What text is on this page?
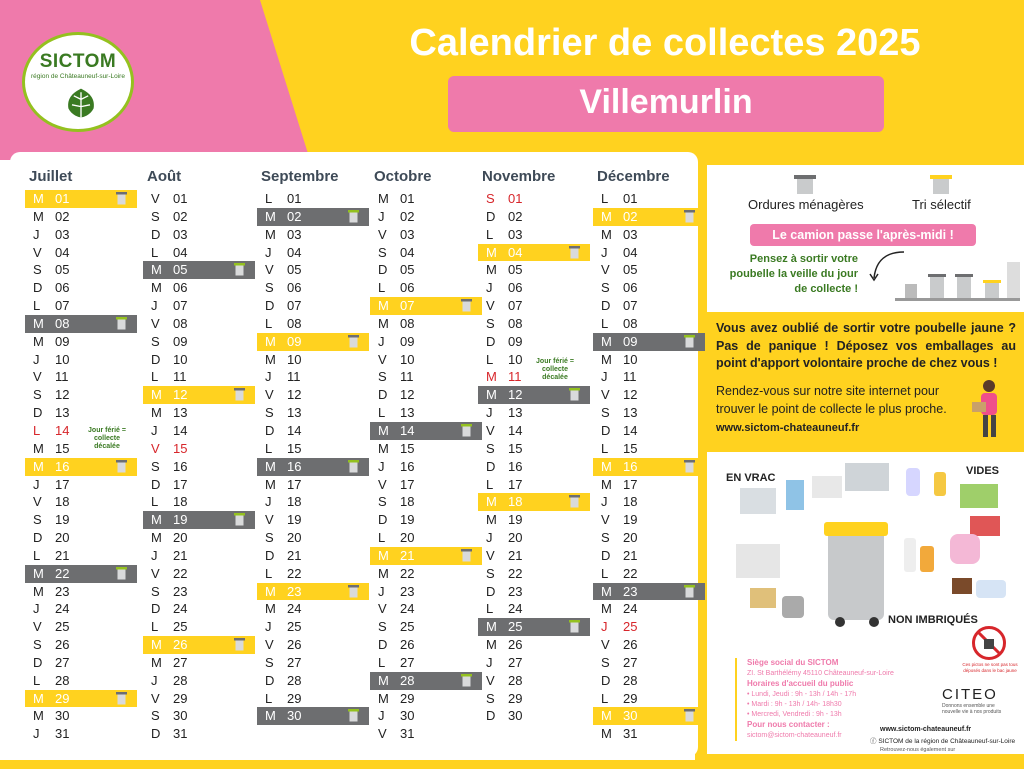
SICTOM
région de Châteauneuf-sur-Loire
Calendrier de collectes 2025
Villemurlin
Juillet
M 01
M 02
J 03
V 04
S 05
D 06
L 07
M 08
M 09
J 10
V 11
S 12
D 13
L 14
M 15
M 16
J 17
V 18
S 19
D 20
L 21
M 22
M 23
J 24
V 25
S 26
D 27
L 28
M 29
M 30
J 31
Août
V 01
S 02
D 03
L 04
M 05
M 06
J 07
V 08
S 09
D 10
L 11
M 12
M 13
J 14
V 15
S 16
D 17
L 18
M 19
M 20
J 21
V 22
S 23
D 24
L 25
M 26
M 27
J 28
V 29
S 30
D 31
Septembre
L 01
M 02
M 03
J 04
V 05
S 06
D 07
L 08
M 09
M 10
J 11
V 12
S 13
D 14
L 15
M 16
M 17
J 18
V 19
S 20
D 21
L 22
M 23
M 24
J 25
V 26
S 27
D 28
L 29
M 30
Octobre
M 01
J 02
V 03
S 04
D 05
L 06
M 07
M 08
J 09
V 10
S 11
D 12
L 13
M 14
M 15
J 16
V 17
S 18
D 19
L 20
M 21
M 22
J 23
V 24
S 25
D 26
L 27
M 28
M 29
J 30
V 31
Novembre
S 01
D 02
L 03
M 04
M 05
J 06
V 07
S 08
D 09
L 10
M 11
M 12
J 13
V 14
S 15
D 16
L 17
M 18
M 19
J 20
V 21
S 22
D 23
L 24
M 25
M 26
J 27
V 28
S 29
D 30
Décembre
L 01
M 02
M 03
J 04
V 05
S 06
D 07
L 08
M 09
M 10
J 11
V 12
S 13
D 14
L 15
M 16
M 17
J 18
V 19
S 20
D 21
L 22
M 23
M 24
J 25
V 26
S 27
D 28
L 29
M 30
M 31
Jour férié = collecte décalée
Jour férié = collecte décalée
Ordures ménagères	Tri sélectif
Le camion passe l'après-midi !
Pensez à sortir votre poubelle la veille du jour de collecte !
Vous avez oublié de sortir votre poubelle jaune ? Pas de panique ! Déposez vos emballages au point d'apport volontaire proche de chez vous !
Rendez-vous sur notre site internet pour trouver le point de collecte le plus proche.
www.sictom-chateauneuf.fr
EN VRAC
VIDES
NON IMBRIQUÉS
Ces pictos ne sont pas tous déposés dans le bac jaune
Siège social du SICTOM
ZI. St Barthélémy 45110 Châteauneuf-sur-Loire
Horaires d'accueil du public
• Lundi, Jeudi : 9h - 13h / 14h - 17h
• Mardi : 9h - 13h / 14h- 18h30
• Mercredi, Vendredi : 9h - 13h
Pour nous contacter :
sictom@sictom-chateauneuf.fr
CITEO
Donnons ensemble une nouvelle vie à nos produits
www.sictom-chateauneuf.fr
ⓕ SICTOM de la région de Châteauneuf-sur-Loire
Retrouvez-nous également sur
